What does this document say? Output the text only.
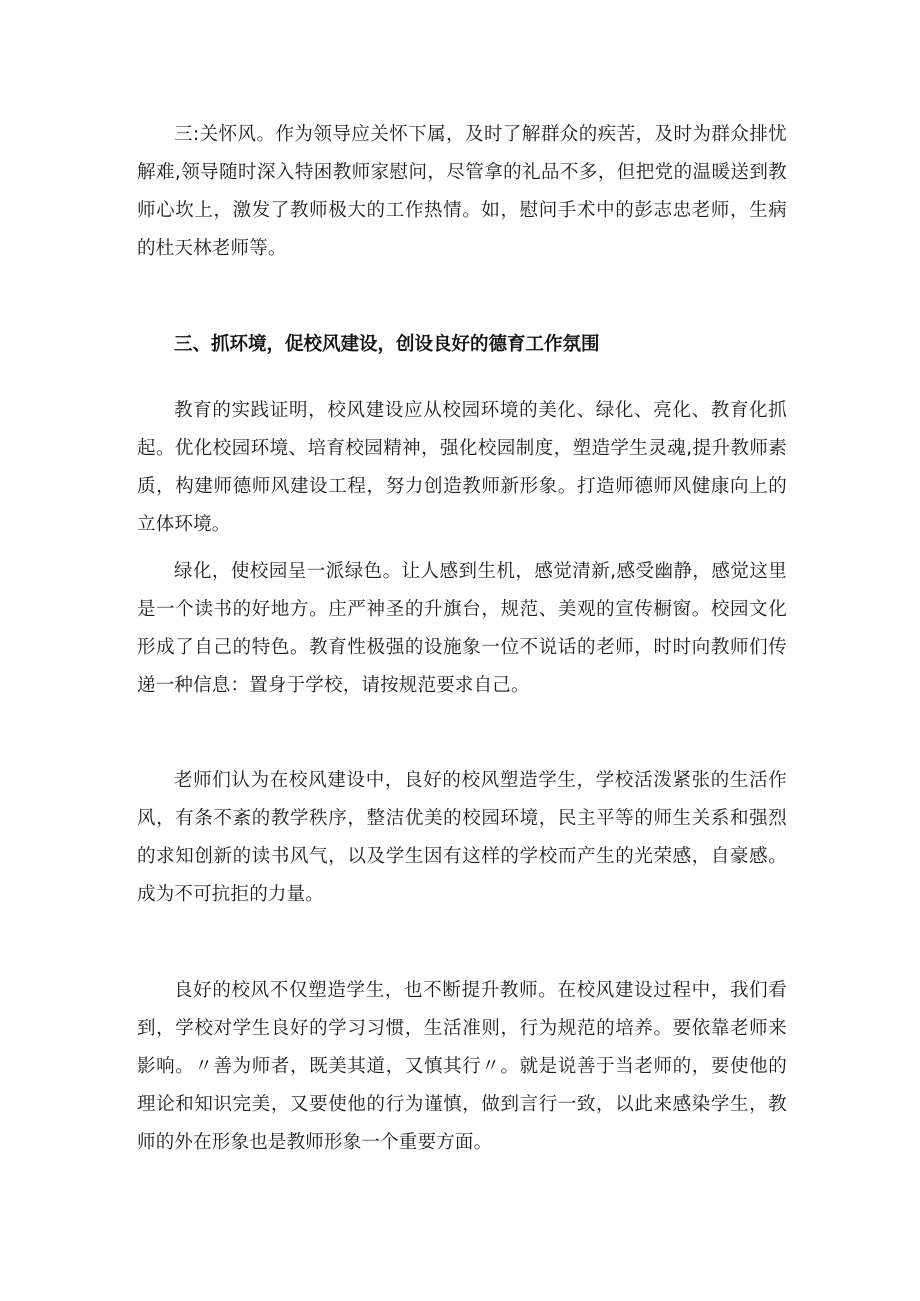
三:关怀风。作为领导应关怀下属，及时了解群众的疾苦，及时为群众排忧解难,领导随时深入特困教师家慰问，尽管拿的礼品不多，但把党的温暖送到教师心坎上，激发了教师极大的工作热情。如，慰问手术中的彭志忠老师，生病的杜天林老师等。

三、抓环境，促校风建设，创设良好的德育工作氛围

教育的实践证明，校风建设应从校园环境的美化、绿化、亮化、教育化抓起。优化校园环境、培育校园精神，强化校园制度，塑造学生灵魂,提升教师素质，构建师德师风建设工程，努力创造教师新形象。打造师德师风健康向上的立体环境。

绿化，使校园呈一派绿色。让人感到生机，感觉清新,感受幽静，感觉这里是一个读书的好地方。庄严神圣的升旗台，规范、美观的宣传橱窗。校园文化形成了自己的特色。教育性极强的设施象一位不说话的老师，时时向教师们传递一种信息：置身于学校，请按规范要求自己。

老师们认为在校风建设中，良好的校风塑造学生，学校活泼紧张的生活作风，有条不紊的教学秩序，整洁优美的校园环境，民主平等的师生关系和强烈的求知创新的读书风气，以及学生因有这样的学校而产生的光荣感，自豪感。成为不可抗拒的力量。

良好的校风不仅塑造学生，也不断提升教师。在校风建设过程中，我们看到，学校对学生良好的学习习惯，生活准则，行为规范的培养。要依靠老师来影响。〃善为师者，既美其道，又慎其行〃。就是说善于当老师的，要使他的理论和知识完美，又要使他的行为谨慎，做到言行一致，以此来感染学生，教师的外在形象也是教师形象一个重要方面。
